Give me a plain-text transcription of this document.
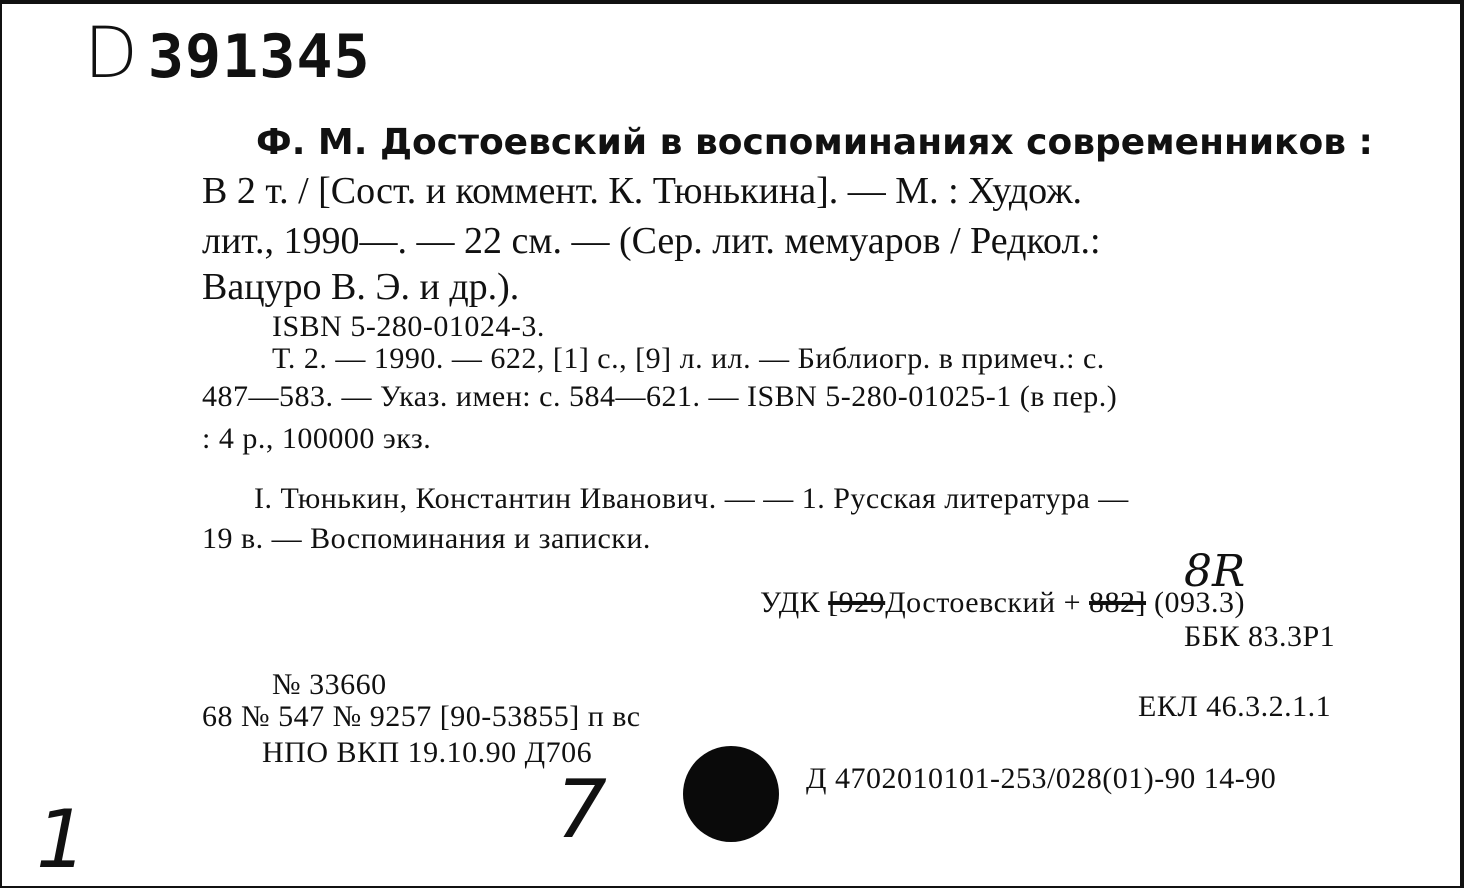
D 391345
Ф. М. Достоевский в воспоминаниях современников :
В 2 т. / [Сост. и коммент. К. Тюнькина]. — М. : Худож.
лит., 1990—. — 22 см. — (Сер. лит. мемуаров / Редкол.:
Вацуро В. Э. и др.).
ISBN 5-280-01024-3.
Т. 2. — 1990. — 622, [1] с., [9] л. ил. — Библиогр. в примеч.: с.
487—583. — Указ. имен: с. 584—621. — ISBN 5-280-01025-1 (в пер.)
: 4 р., 100000 экз.
I. Тюнькин, Константин Иванович. — — 1. Русская литература —
19 в. — Воспоминания и записки.
8R
УДК [929Достоевский + 882] (093.3)
ББК 83.3Р1
№ 33660
68 № 547 № 9257 [90-53855] п вс
НПО ВКП 19.10.90 Д706
ЕКЛ 46.3.2.1.1
Д 4702010101-253/028(01)-90 14-90
7
1
